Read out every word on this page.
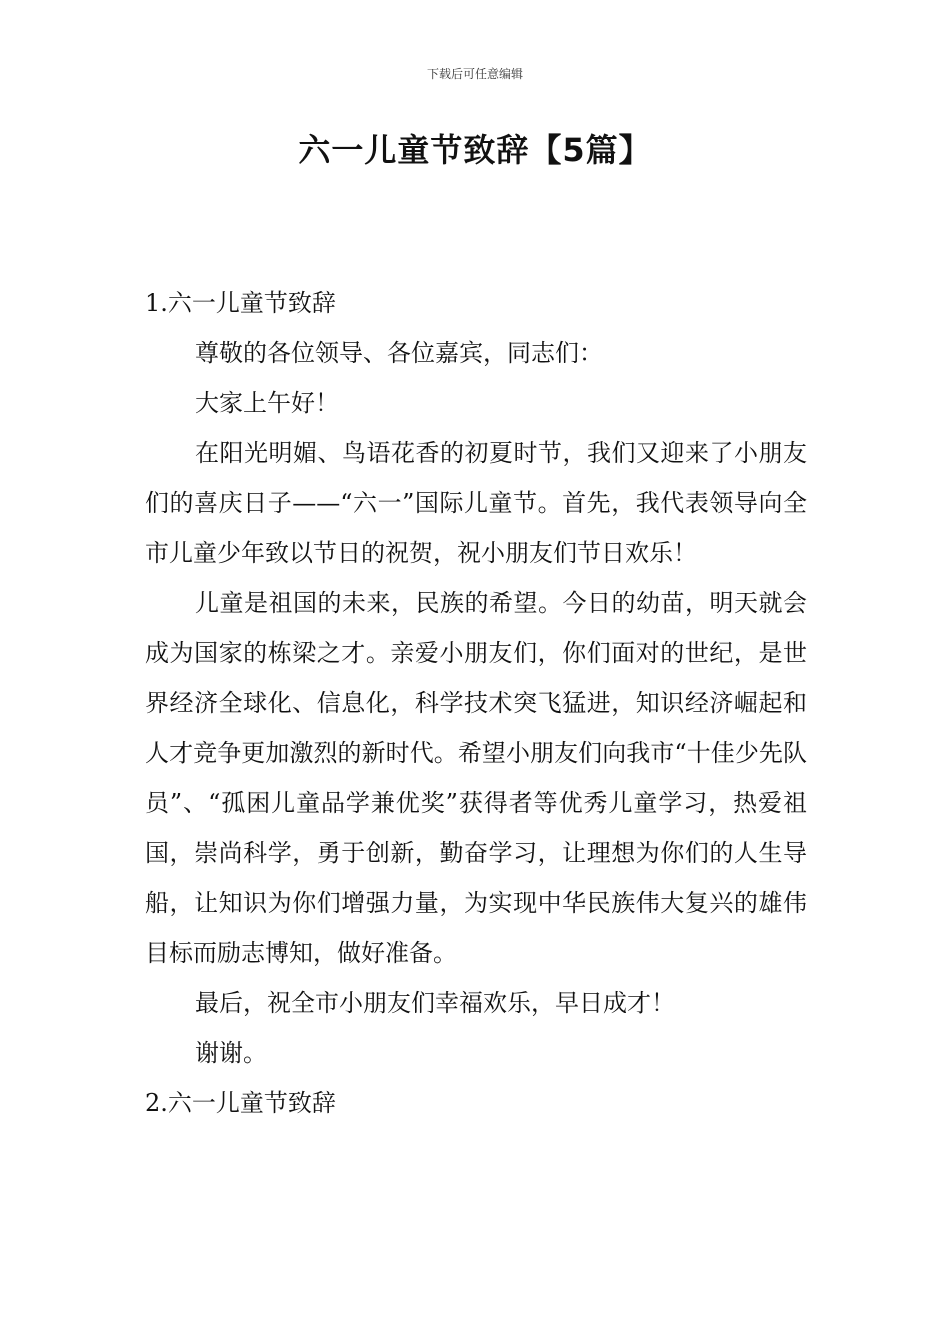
下载后可任意编辑
六一儿童节致辞【5篇】

1.六一儿童节致辞

尊敬的各位领导、各位嘉宾，同志们：

大家上午好！

在阳光明媚、鸟语花香的初夏时节，我们又迎来了小朋友们的喜庆日子——“六一”国际儿童节。首先，我代表领导向全市儿童少年致以节日的祝贺，祝小朋友们节日欢乐！

儿童是祖国的未来，民族的希望。今日的幼苗，明天就会成为国家的栋梁之才。亲爱小朋友们，你们面对的世纪，是世界经济全球化、信息化，科学技术突飞猛进，知识经济崛起和人才竞争更加激烈的新时代。希望小朋友们向我市“十佳少先队员”、“孤困儿童品学兼优奖”获得者等优秀儿童学习，热爱祖国，崇尚科学，勇于创新，勤奋学习，让理想为你们的人生导船，让知识为你们增强力量，为实现中华民族伟大复兴的雄伟目标而励志博知，做好准备。

最后，祝全市小朋友们幸福欢乐，早日成才！

谢谢。

2.六一儿童节致辞
